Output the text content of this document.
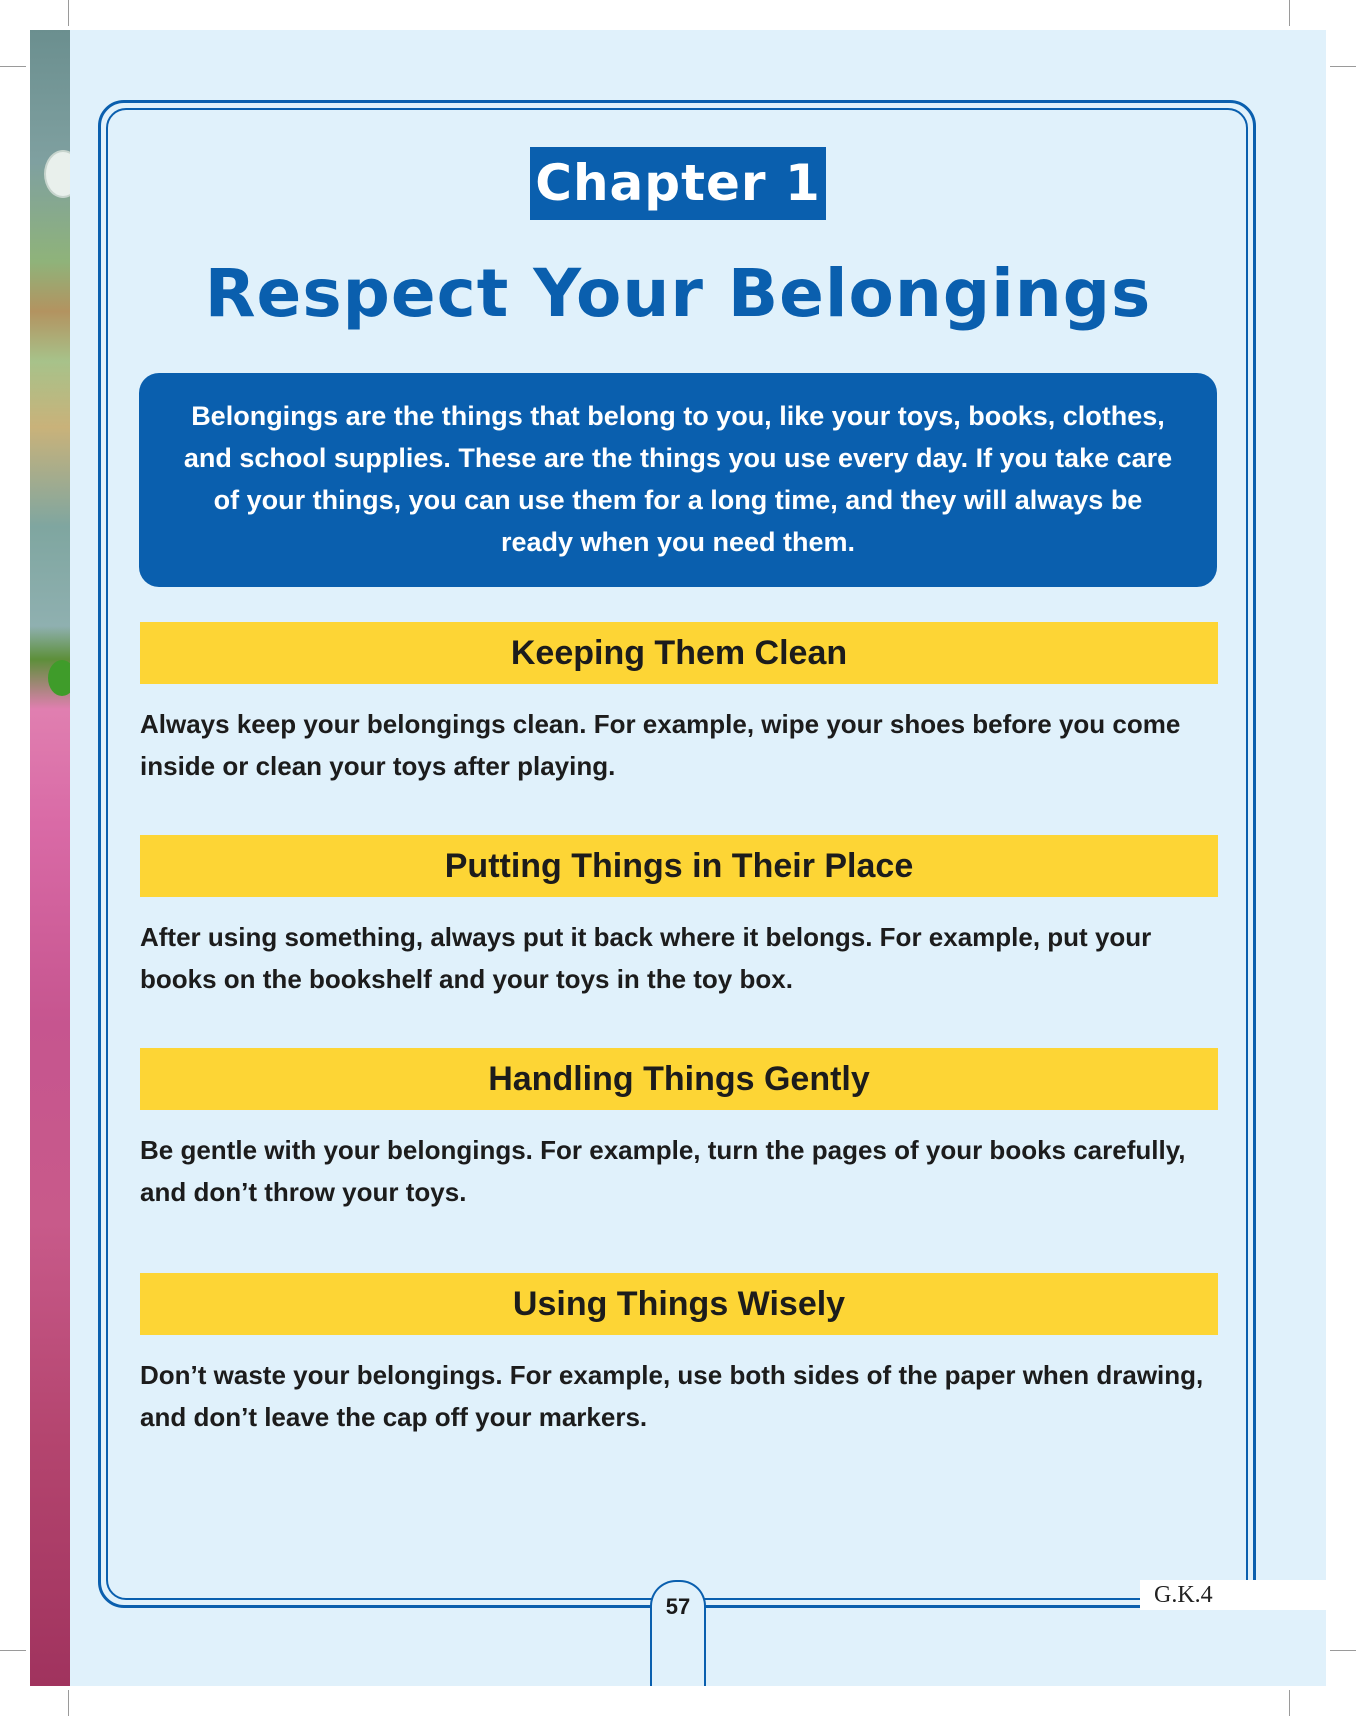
Chapter 1
Respect Your Belongings
Belongings are the things that belong to you, like your toys, books, clothes, and school supplies. These are the things you use every day. If you take care of your things, you can use them for a long time, and they will always be ready when you need them.
Keeping Them Clean
Always keep your belongings clean. For example, wipe your shoes before you come inside or clean your toys after playing.
Putting Things in Their Place
After using something, always put it back where it belongs. For example, put your books on the bookshelf and your toys in the toy box.
Handling Things Gently
Be gentle with your belongings. For example, turn the pages of your books carefully, and don’t throw your toys.
Using Things Wisely
Don’t waste your belongings. For example, use both sides of the paper when drawing, and don’t leave the cap off your markers.
57	G.K.4
